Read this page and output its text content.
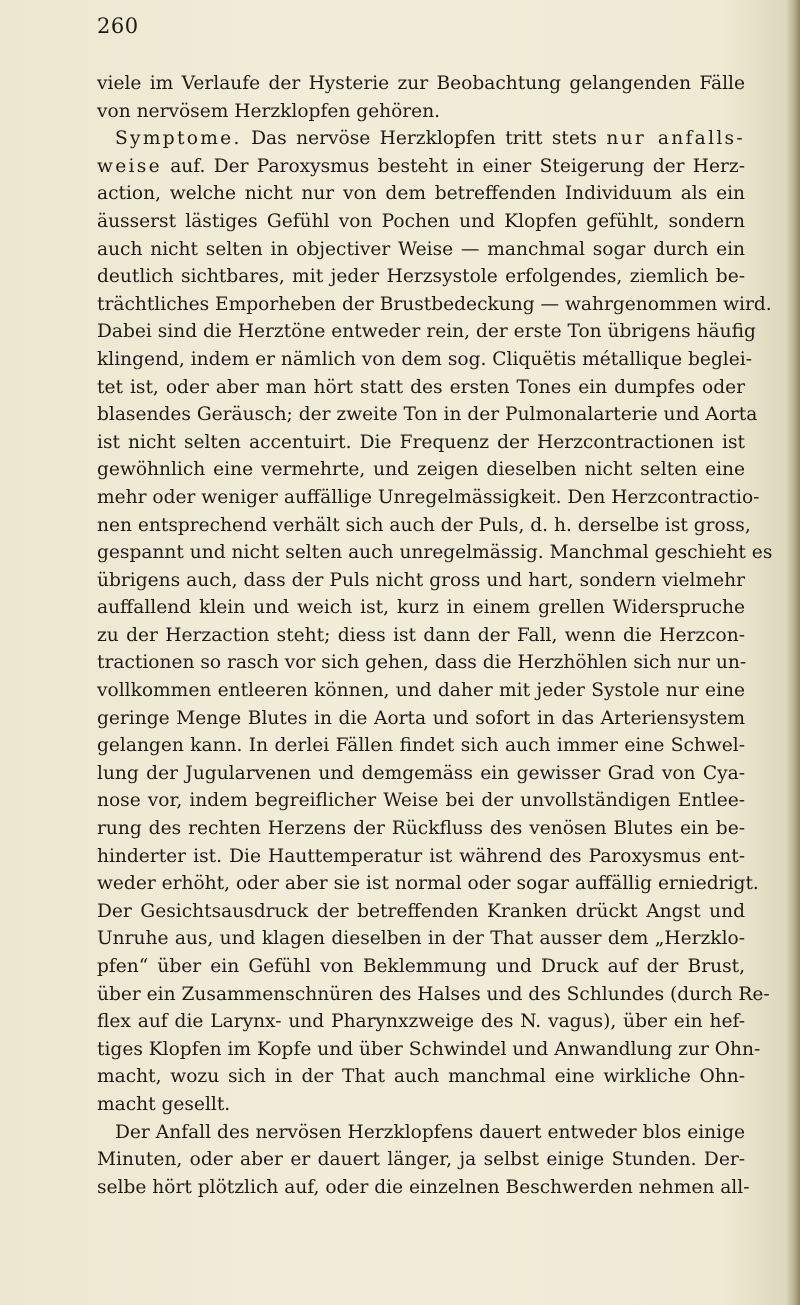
260
viele im Verlaufe der Hysterie zur Beobachtung gelangenden Fälle
von nervösem Herzklopfen gehören.
Symptome. Das nervöse Herzklopfen tritt stets nur anfalls-
weise auf. Der Paroxysmus besteht in einer Steigerung der Herz-
action, welche nicht nur von dem betreffenden Individuum als ein
äusserst lästiges Gefühl von Pochen und Klopfen gefühlt, sondern
auch nicht selten in objectiver Weise — manchmal sogar durch ein
deutlich sichtbares, mit jeder Herzsystole erfolgendes, ziemlich be-
trächtliches Emporheben der Brustbedeckung — wahrgenommen wird.
Dabei sind die Herztöne entweder rein, der erste Ton übrigens häufig
klingend, indem er nämlich von dem sog. Cliquëtis métallique beglei-
tet ist, oder aber man hört statt des ersten Tones ein dumpfes oder
blasendes Geräusch; der zweite Ton in der Pulmonalarterie und Aorta
ist nicht selten accentuirt. Die Frequenz der Herzcontractionen ist
gewöhnlich eine vermehrte, und zeigen dieselben nicht selten eine
mehr oder weniger auffällige Unregelmässigkeit. Den Herzcontractio-
nen entsprechend verhält sich auch der Puls, d. h. derselbe ist gross,
gespannt und nicht selten auch unregelmässig. Manchmal geschieht es
übrigens auch, dass der Puls nicht gross und hart, sondern vielmehr
auffallend klein und weich ist, kurz in einem grellen Widerspruche
zu der Herzaction steht; diess ist dann der Fall, wenn die Herzcon-
tractionen so rasch vor sich gehen, dass die Herzhöhlen sich nur un-
vollkommen entleeren können, und daher mit jeder Systole nur eine
geringe Menge Blutes in die Aorta und sofort in das Arteriensystem
gelangen kann. In derlei Fällen findet sich auch immer eine Schwel-
lung der Jugularvenen und demgemäss ein gewisser Grad von Cya-
nose vor, indem begreiflicher Weise bei der unvollständigen Entlee-
rung des rechten Herzens der Rückfluss des venösen Blutes ein be-
hinderter ist. Die Hauttemperatur ist während des Paroxysmus ent-
weder erhöht, oder aber sie ist normal oder sogar auffällig erniedrigt.
Der Gesichtsausdruck der betreffenden Kranken drückt Angst und
Unruhe aus, und klagen dieselben in der That ausser dem „Herzklo-
pfen“ über ein Gefühl von Beklemmung und Druck auf der Brust,
über ein Zusammenschnüren des Halses und des Schlundes (durch Re-
flex auf die Larynx- und Pharynxzweige des N. vagus), über ein hef-
tiges Klopfen im Kopfe und über Schwindel und Anwandlung zur Ohn-
macht, wozu sich in der That auch manchmal eine wirkliche Ohn-
macht gesellt.
Der Anfall des nervösen Herzklopfens dauert entweder blos einige
Minuten, oder aber er dauert länger, ja selbst einige Stunden. Der-
selbe hört plötzlich auf, oder die einzelnen Beschwerden nehmen all-
